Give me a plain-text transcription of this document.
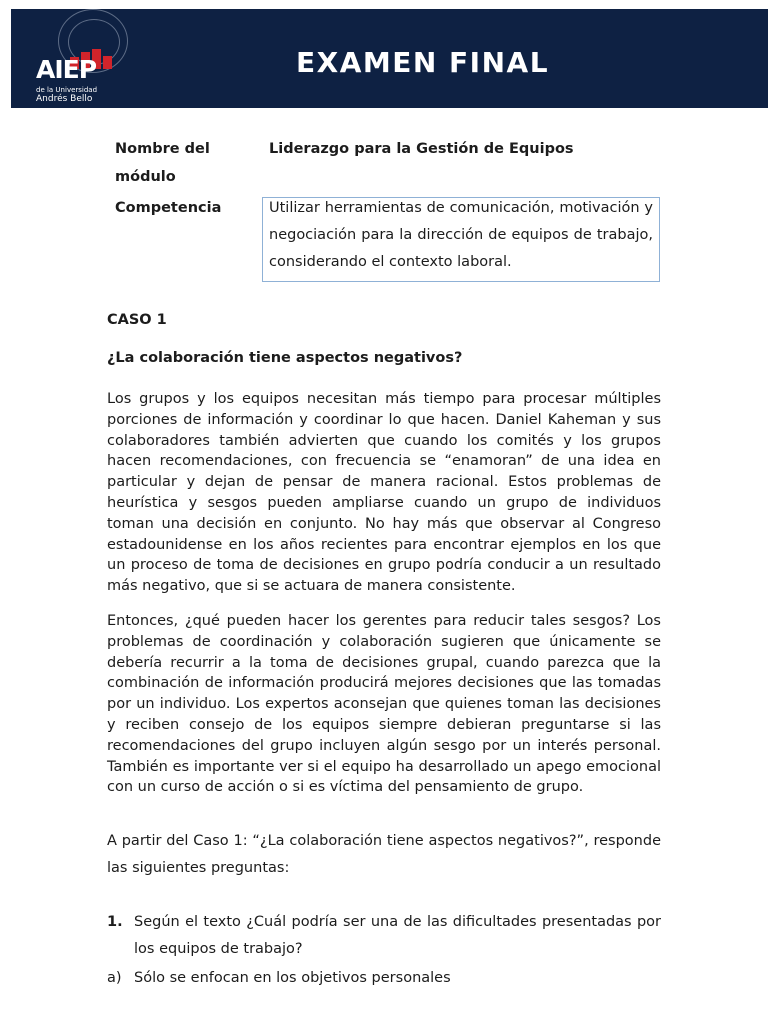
AIEP
de la Universidad
Andrés Bello
EXAMEN FINAL
Nombre del
módulo
Liderazgo para la Gestión de Equipos
Competencia	Utilizar herramientas de comunicación, motivación y negociación para la dirección de equipos de trabajo, considerando el contexto laboral.
CASO 1
¿La colaboración tiene aspectos negativos?

Los grupos y los equipos necesitan más tiempo para procesar múltiples porciones de información y coordinar lo que hacen. Daniel Kaheman y sus colaboradores también advierten que cuando los comités y los grupos hacen recomendaciones, con frecuencia se “enamoran” de una idea en particular y dejan de pensar de manera racional. Estos problemas de heurística y sesgos pueden ampliarse cuando un grupo de individuos toman una decisión en conjunto. No hay más que observar al Congreso estadounidense en los años recientes para encontrar ejemplos en los que un proceso de toma de decisiones en grupo podría conducir a un resultado más negativo, que si se actuara de manera consistente.

Entonces, ¿qué pueden hacer los gerentes para reducir tales sesgos? Los problemas de coordinación y colaboración sugieren que únicamente se debería recurrir a la toma de decisiones grupal, cuando parezca que la combinación de información producirá mejores decisiones que las tomadas por un individuo. Los expertos aconsejan que quienes toman las decisiones y reciben consejo de los equipos siempre debieran preguntarse si las recomendaciones del grupo incluyen algún sesgo por un interés personal. También es importante ver si el equipo ha desarrollado un apego emocional con un curso de acción o si es víctima del pensamiento de grupo.

A partir del Caso 1: “¿La colaboración tiene aspectos negativos?”, responde las siguientes preguntas:

1. Según el texto ¿Cuál podría ser una de las dificultades presentadas por los equipos de trabajo?
a) Sólo se enfocan en los objetivos personales
